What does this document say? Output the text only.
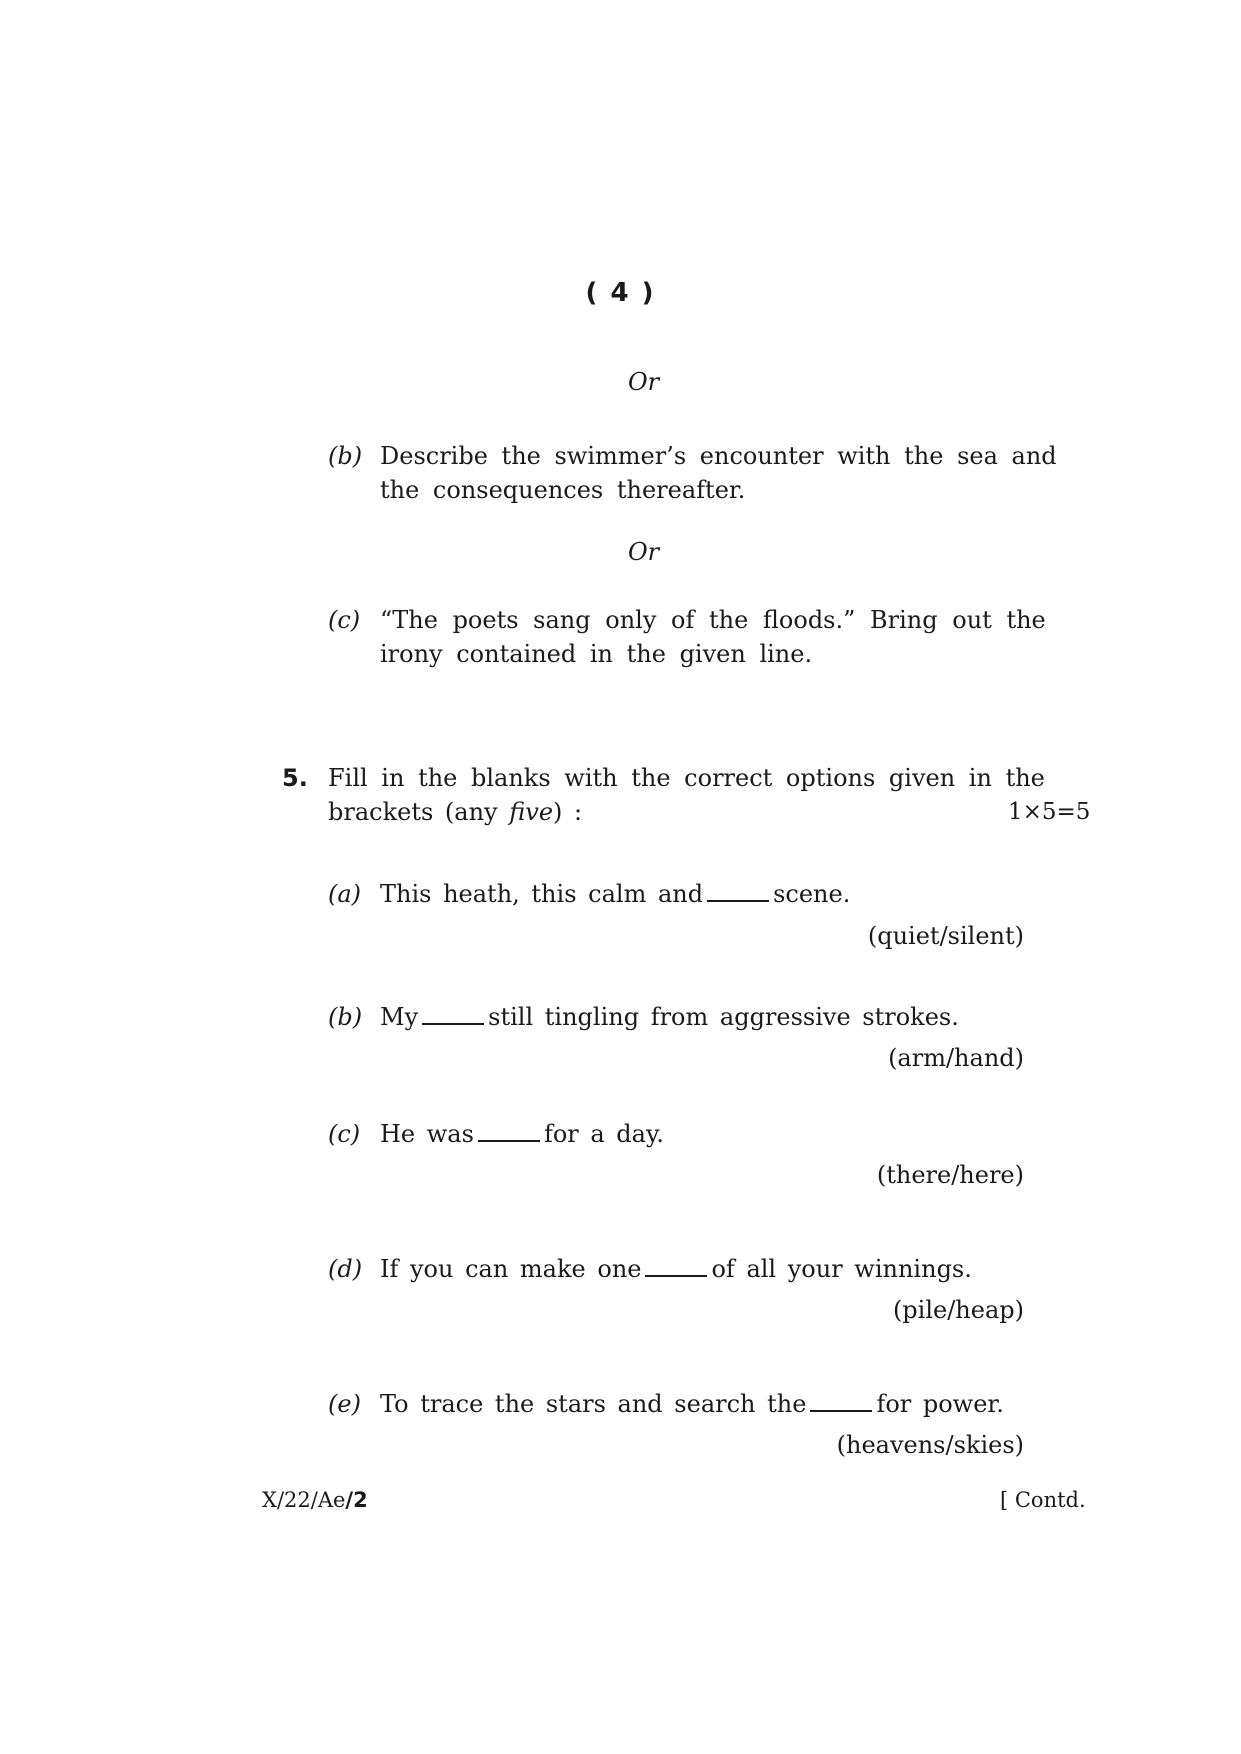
( 4 )
Or
(b) Describe the swimmer’s encounter with the sea and
the consequences thereafter.
Or
(c) “The poets sang only of the floods.” Bring out the
irony contained in the given line.
5. Fill in the blanks with the correct options given in the
brackets (any five) :	1×5=5
(a) This heath, this calm and	scene.
(quiet/silent)
(b) My	still tingling from aggressive strokes.
(arm/hand)
(c) He was	for a day.
(there/here)
(d) If you can make one	of all your winnings.
(pile/heap)
(e) To trace the stars and search the	for power.
(heavens/skies)
X/22/Ae/2	[ Contd.
